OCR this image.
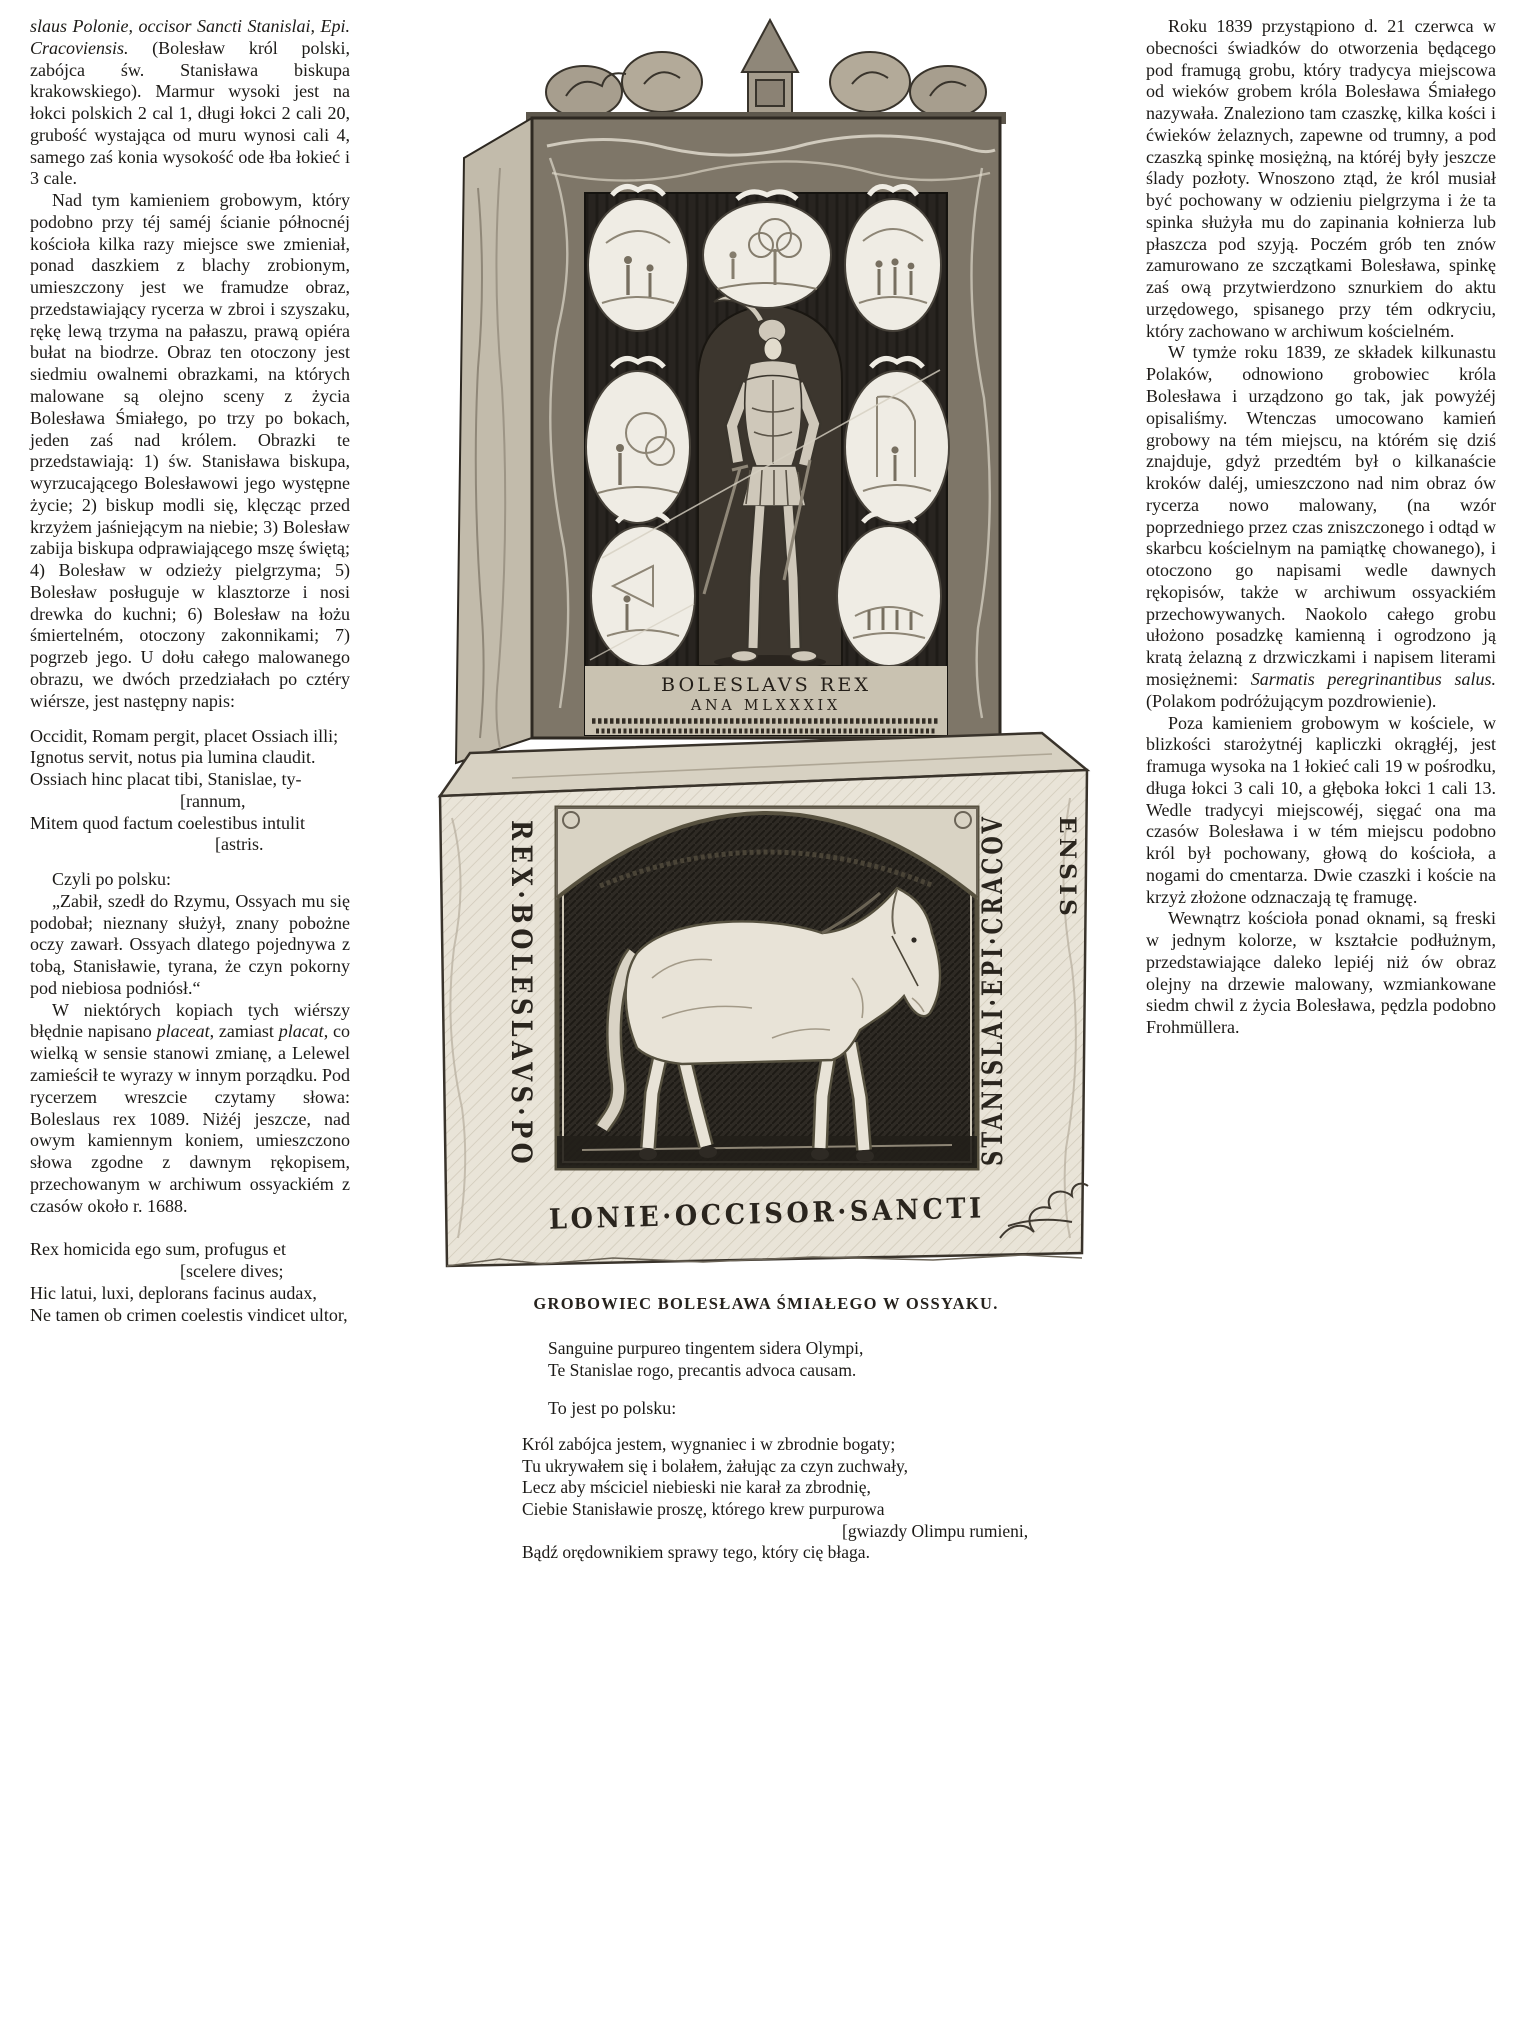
slaus Polonie, occisor Sancti Stanislai, Epi. Cracoviensis. (Bolesław król polski, zabójca św. Stanisława biskupa krakowskiego). Marmur wysoki jest na łokci polskich 2 cal 1, długi łokci 2 cali 20, grubość wystająca od muru wynosi cali 4, samego zaś konia wysokość ode łba łokieć i 3 cale.

Nad tym kamieniem grobowym, który podobno przy téj saméj ścianie północnéj kościoła kilka razy miejsce swe zmieniał, ponad daszkiem z blachy zrobionym, umieszczony jest we framudze obraz, przedstawiający rycerza w zbroi i szyszaku, rękę lewą trzyma na pałaszu, prawą opiéra bułat na biodrze. Obraz ten otoczony jest siedmiu owalnemi obrazkami, na których malowane są olejno sceny z życia Bolesława Śmiałego, po trzy po bokach, jeden zaś nad królem. Obrazki te przedstawiają: 1) św. Stanisława biskupa, wyrzucającego Bolesławowi jego występne życie; 2) biskup modli się, klęcząc przed krzyżem jaśniejącym na niebie; 3) Bolesław zabija biskupa odprawiającego mszę świętą; 4) Bolesław w odzieży pielgrzyma; 5) Bolesław posługuje w klasztorze i nosi drewka do kuchni; 6) Bolesław na łożu śmiertelném, otoczony zakonnikami; 7) pogrzeb jego. U dołu całego malowanego obrazu, we dwóch przedziałach po cztéry wiérsze, jest następny napis:

Occidit, Romam pergit, placet Ossiach illi;
Ignotus servit, notus pia lumina claudit.
Ossiach hinc placat tibi, Stanislae, ty-
[rannum,
Mitem quod factum coelestibus intulit
[astris.

Czyli po polsku:

„Zabił, szedł do Rzymu, Ossyach mu się podobał; nieznany służył, znany pobożne oczy zawarł. Ossyach dlatego pojednywa z tobą, Stanisławie, tyrana, że czyn pokorny pod niebiosa podniósł.“

W niektórych kopiach tych wiérszy błędnie napisano placeat, zamiast placat, co wielką w sensie stanowi zmianę, a Lelewel zamieścił te wyrazy w innym porządku. Pod rycerzem wreszcie czytamy słowa: Boleslaus rex 1089. Niżéj jeszcze, nad owym kamiennym koniem, umieszczono słowa zgodne z dawnym rękopisem, przechowanym w archiwum ossyackiém z czasów około r. 1688.

Rex homicida ego sum, profugus et
[scelere dives;
Hic latui, luxi, deplorans facinus audax,
Ne tamen ob crimen coelestis vindicet ultor,

Roku 1839 przystąpiono d. 21 czerwca w obecności świadków do otworzenia będącego pod framugą grobu, który tradycya miejscowa od wieków grobem króla Bolesława Śmiałego nazywała. Znaleziono tam czaszkę, kilka kości i ćwieków żelaznych, zapewne od trumny, a pod czaszką spinkę mosiężną, na któréj były jeszcze ślady pozłoty. Wnoszono ztąd, że król musiał być pochowany w odzieniu pielgrzyma i że ta spinka służyła mu do zapinania kołnierza lub płaszcza pod szyją. Poczém grób ten znów zamurowano ze szczątkami Bolesława, spinkę zaś ową przytwierdzono sznurkiem do aktu urzędowego, spisanego przy tém odkryciu, który zachowano w archiwum kościelném.

W tymże roku 1839, ze składek kilkunastu Polaków, odnowiono grobowiec króla Bolesława i urządzono go tak, jak powyżéj opisaliśmy. Wtenczas umocowano kamień grobowy na tém miejscu, na którém się dziś znajduje, gdyż przedtém był o kilkanaście kroków daléj, umieszczono nad nim obraz ów rycerza nowo malowany, (na wzór poprzedniego przez czas zniszczonego i odtąd w skarbcu kościelnym na pamiątkę chowanego), i otoczono go napisami wedle dawnych rękopisów, także w archiwum ossyackiém przechowywanych. Naokolo całego grobu ułożono posadzkę kamienną i ogrodzono ją kratą żelazną z drzwiczkami i napisem literami mosiężnemi: Sarmatis peregrinantibus salus. (Polakom podróżującym pozdrowienie).

Poza kamieniem grobowym w kościele, w blizkości starożytnéj kapliczki okrągłéj, jest framuga wysoka na 1 łokieć cali 19 w pośrodku, długa łokci 3 cali 10, a głęboka łokci 1 cali 13. Wedle tradycyi miejscowéj, sięgać ona ma czasów Bolesława i w tém miejscu podobno król był pochowany, głową do kościoła, a nogami do cmentarza. Dwie czaszki i koście na krzyż złożone odznaczają tę framugę.

Wewnątrz kościoła ponad oknami, są freski w jednym kolorze, w kształcie podłużnym, przedstawiające daleko lepiéj niż ów obraz olejny na drzewie malowany, wzmiankowane siedm chwil z życia Bolesława, pędzla podobno Frohmüllera.

BOLESLAVS REX
ANA MLXXXIX
REX·BOLESLAVS·PO LONIE·OCCISOR·SANCTI
STANISLAI·EPI·CRACOV ENSIS
GROBOWIEC BOLESŁAWA ŚMIAŁEGO W OSSYAKU.
Sanguine purpureo tingentem sidera Olympi,
Te Stanislae rogo, precantis advoca causam.
To jest po polsku:
Król zabójca jestem, wygnaniec i w zbrodnie bogaty;
Tu ukrywałem się i bolałem, żałując za czyn zuchwały,
Lecz aby mściciel niebieski nie karał za zbrodnię,
Ciebie Stanisławie proszę, którego krew purpurowa
[gwiazdy Olimpu rumieni,
Bądź orędownikiem sprawy tego, który cię błaga.
